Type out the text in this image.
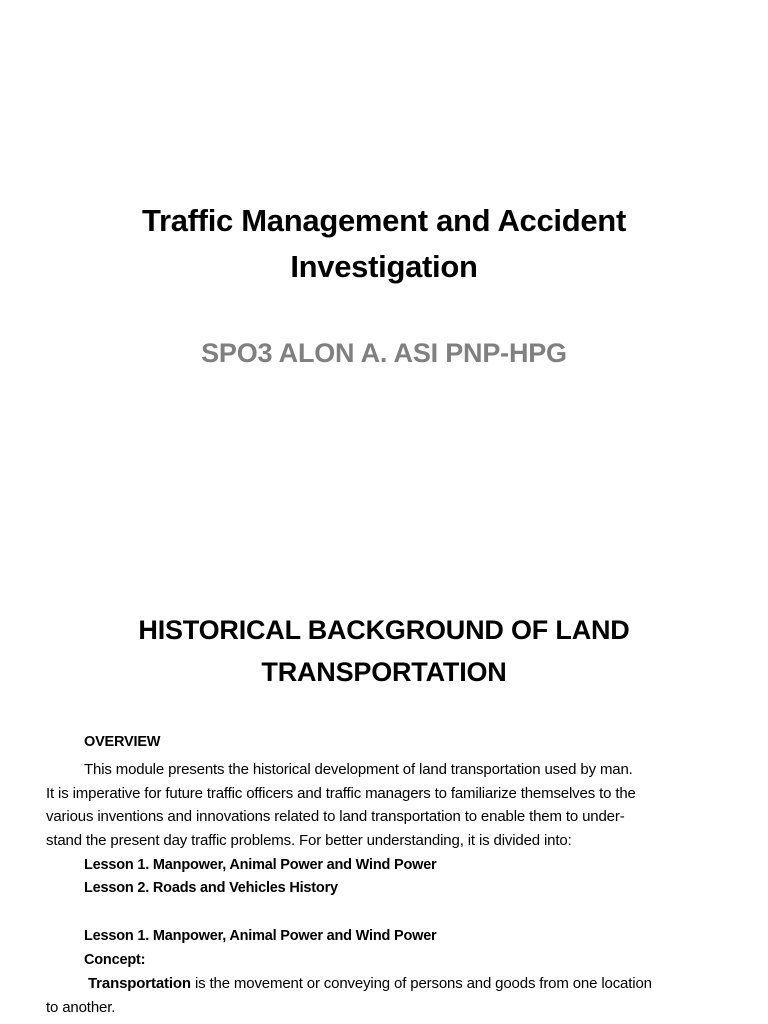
Traffic Management and Accident
Investigation
SPO3 ALON A. ASI PNP-HPG
HISTORICAL BACKGROUND OF LAND
TRANSPORTATION
OVERVIEW
This module presents the historical development of land transportation used by man.
It is imperative for future traffic officers and traffic managers to familiarize themselves to the
various inventions and innovations related to land transportation to enable them to under-
stand the present day traffic problems. For better understanding, it is divided into:
Lesson 1. Manpower, Animal Power and Wind Power
Lesson 2. Roads and Vehicles History
Lesson 1. Manpower, Animal Power and Wind Power
Concept:
Transportation is the movement or conveying of persons and goods from one location
to another.
